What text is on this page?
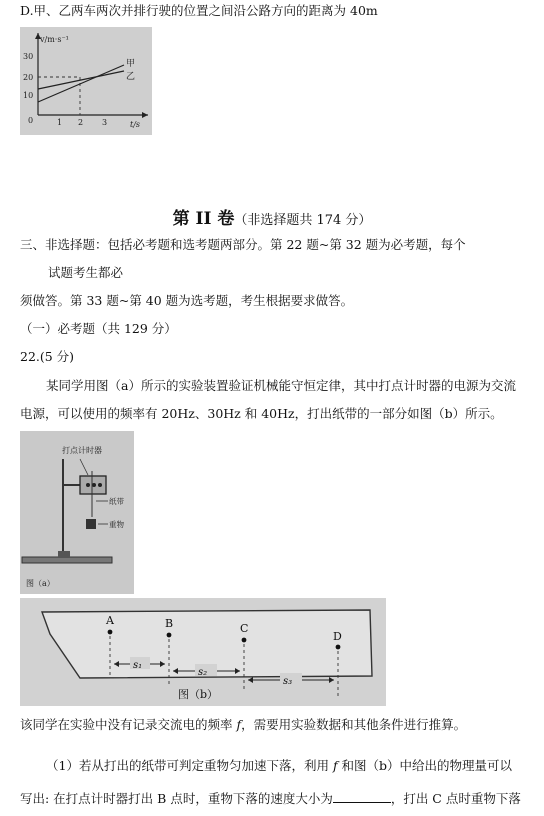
D.甲、乙两车两次并排行驶的位置之间沿公路方向的距离为 40m
v/m·s⁻¹
t/s
30
20
10
0	1 2 3
甲
乙
第 II 卷（非选择题共 174 分）
三、非选择题：包括必考题和选考题两部分。第 22 题~第 32 题为必考题，每个
试题考生都必
须做答。第 33 题~第 40 题为选考题，考生根据要求做答。
（一）必考题（共 129 分）
22.(5 分)
某同学用图（a）所示的实验装置验证机械能守恒定律，其中打点计时器的电源为交流
电源，可以使用的频率有 20Hz、30Hz 和 40Hz，打出纸带的一部分如图（b）所示。
打点计时器
纸带
重物
图（a）
A	B	C
D
s₁
s₂
s₃
图（b）
该同学在实验中没有记录交流电的频率 f，需要用实验数据和其他条件进行推算。
（1）若从打出的纸带可判定重物匀加速下落，利用 f 和图（b）中给出的物理量可以
写出: 在打点计时器打出 B 点时，重物下落的速度大小为	，打出 C 点时重物下落
